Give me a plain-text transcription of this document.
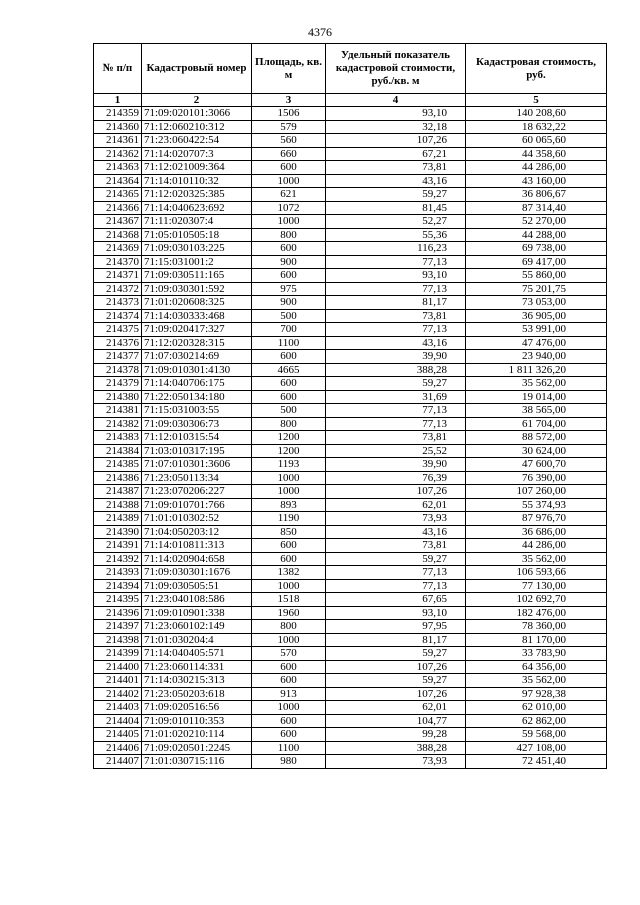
4376
№ п/п	Кадастровый номер	Площадь, кв. м	Удельный показатель кадастровой стоимости, руб./кв. м	Кадастровая стоимость, руб.
1	2	3	4	5
214359	71:09:020101:3066	1506	93,10	140 208,60
214360	71:12:060210:312	579	32,18	18 632,22
214361	71:23:060422:54	560	107,26	60 065,60
214362	71:14:020707:3	660	67,21	44 358,60
214363	71:12:021009:364	600	73,81	44 286,00
214364	71:14:010110:32	1000	43,16	43 160,00
214365	71:12:020325:385	621	59,27	36 806,67
214366	71:14:040623:692	1072	81,45	87 314,40
214367	71:11:020307:4	1000	52,27	52 270,00
214368	71:05:010505:18	800	55,36	44 288,00
214369	71:09:030103:225	600	116,23	69 738,00
214370	71:15:031001:2	900	77,13	69 417,00
214371	71:09:030511:165	600	93,10	55 860,00
214372	71:09:030301:592	975	77,13	75 201,75
214373	71:01:020608:325	900	81,17	73 053,00
214374	71:14:030333:468	500	73,81	36 905,00
214375	71:09:020417:327	700	77,13	53 991,00
214376	71:12:020328:315	1100	43,16	47 476,00
214377	71:07:030214:69	600	39,90	23 940,00
214378	71:09:010301:4130	4665	388,28	1 811 326,20
214379	71:14:040706:175	600	59,27	35 562,00
214380	71:22:050134:180	600	31,69	19 014,00
214381	71:15:031003:55	500	77,13	38 565,00
214382	71:09:030306:73	800	77,13	61 704,00
214383	71:12:010315:54	1200	73,81	88 572,00
214384	71:03:010317:195	1200	25,52	30 624,00
214385	71:07:010301:3606	1193	39,90	47 600,70
214386	71:23:050113:34	1000	76,39	76 390,00
214387	71:23:070206:227	1000	107,26	107 260,00
214388	71:09:010701:766	893	62,01	55 374,93
214389	71:01:010302:52	1190	73,93	87 976,70
214390	71:04:050203:12	850	43,16	36 686,00
214391	71:14:010811:313	600	73,81	44 286,00
214392	71:14:020904:658	600	59,27	35 562,00
214393	71:09:030301:1676	1382	77,13	106 593,66
214394	71:09:030505:51	1000	77,13	77 130,00
214395	71:23:040108:586	1518	67,65	102 692,70
214396	71:09:010901:338	1960	93,10	182 476,00
214397	71:23:060102:149	800	97,95	78 360,00
214398	71:01:030204:4	1000	81,17	81 170,00
214399	71:14:040405:571	570	59,27	33 783,90
214400	71:23:060114:331	600	107,26	64 356,00
214401	71:14:030215:313	600	59,27	35 562,00
214402	71:23:050203:618	913	107,26	97 928,38
214403	71:09:020516:56	1000	62,01	62 010,00
214404	71:09:010110:353	600	104,77	62 862,00
214405	71:01:020210:114	600	99,28	59 568,00
214406	71:09:020501:2245	1100	388,28	427 108,00
214407	71:01:030715:116	980	73,93	72 451,40
